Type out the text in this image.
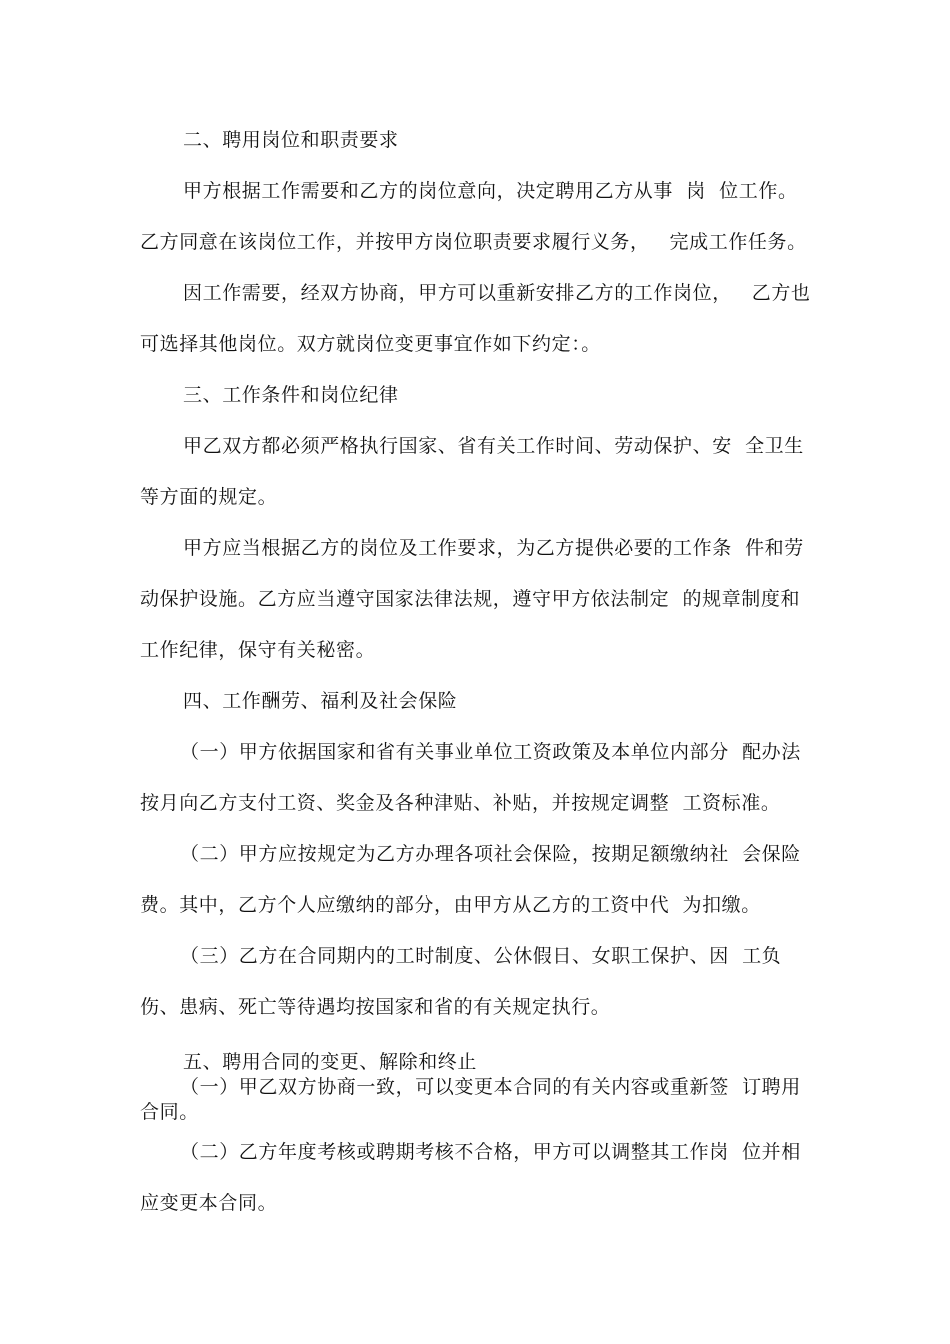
二、聘用岗位和职责要求

甲方根据工作需要和乙方的岗位意向，决定聘用乙方从事  岗  位工作。

乙方同意在该岗位工作，并按甲方岗位职责要求履行义务，   完成工作任务。

因工作需要，经双方协商，甲方可以重新安排乙方的工作岗位，   乙方也

可选择其他岗位。双方就岗位变更事宜作如下约定：。

三、工作条件和岗位纪律

甲乙双方都必须严格执行国家、省有关工作时间、劳动保护、安  全卫生

等方面的规定。

甲方应当根据乙方的岗位及工作要求，为乙方提供必要的工作条  件和劳

动保护设施。乙方应当遵守国家法律法规，遵守甲方依法制定  的规章制度和

工作纪律，保守有关秘密。

四、工作酬劳、福利及社会保险

（一）甲方依据国家和省有关事业单位工资政策及本单位内部分  配办法

按月向乙方支付工资、奖金及各种津贴、补贴，并按规定调整  工资标准。

（二）甲方应按规定为乙方办理各项社会保险，按期足额缴纳社  会保险

费。其中，乙方个人应缴纳的部分，由甲方从乙方的工资中代  为扣缴。

（三）乙方在合同期内的工时制度、公休假日、女职工保护、因  工负

伤、患病、死亡等待遇均按国家和省的有关规定执行。

五、聘用合同的变更、解除和终止

（一）甲乙双方协商一致，可以变更本合同的有关内容或重新签  订聘用

合同。

（二）乙方年度考核或聘期考核不合格，甲方可以调整其工作岗  位并相

应变更本合同。
